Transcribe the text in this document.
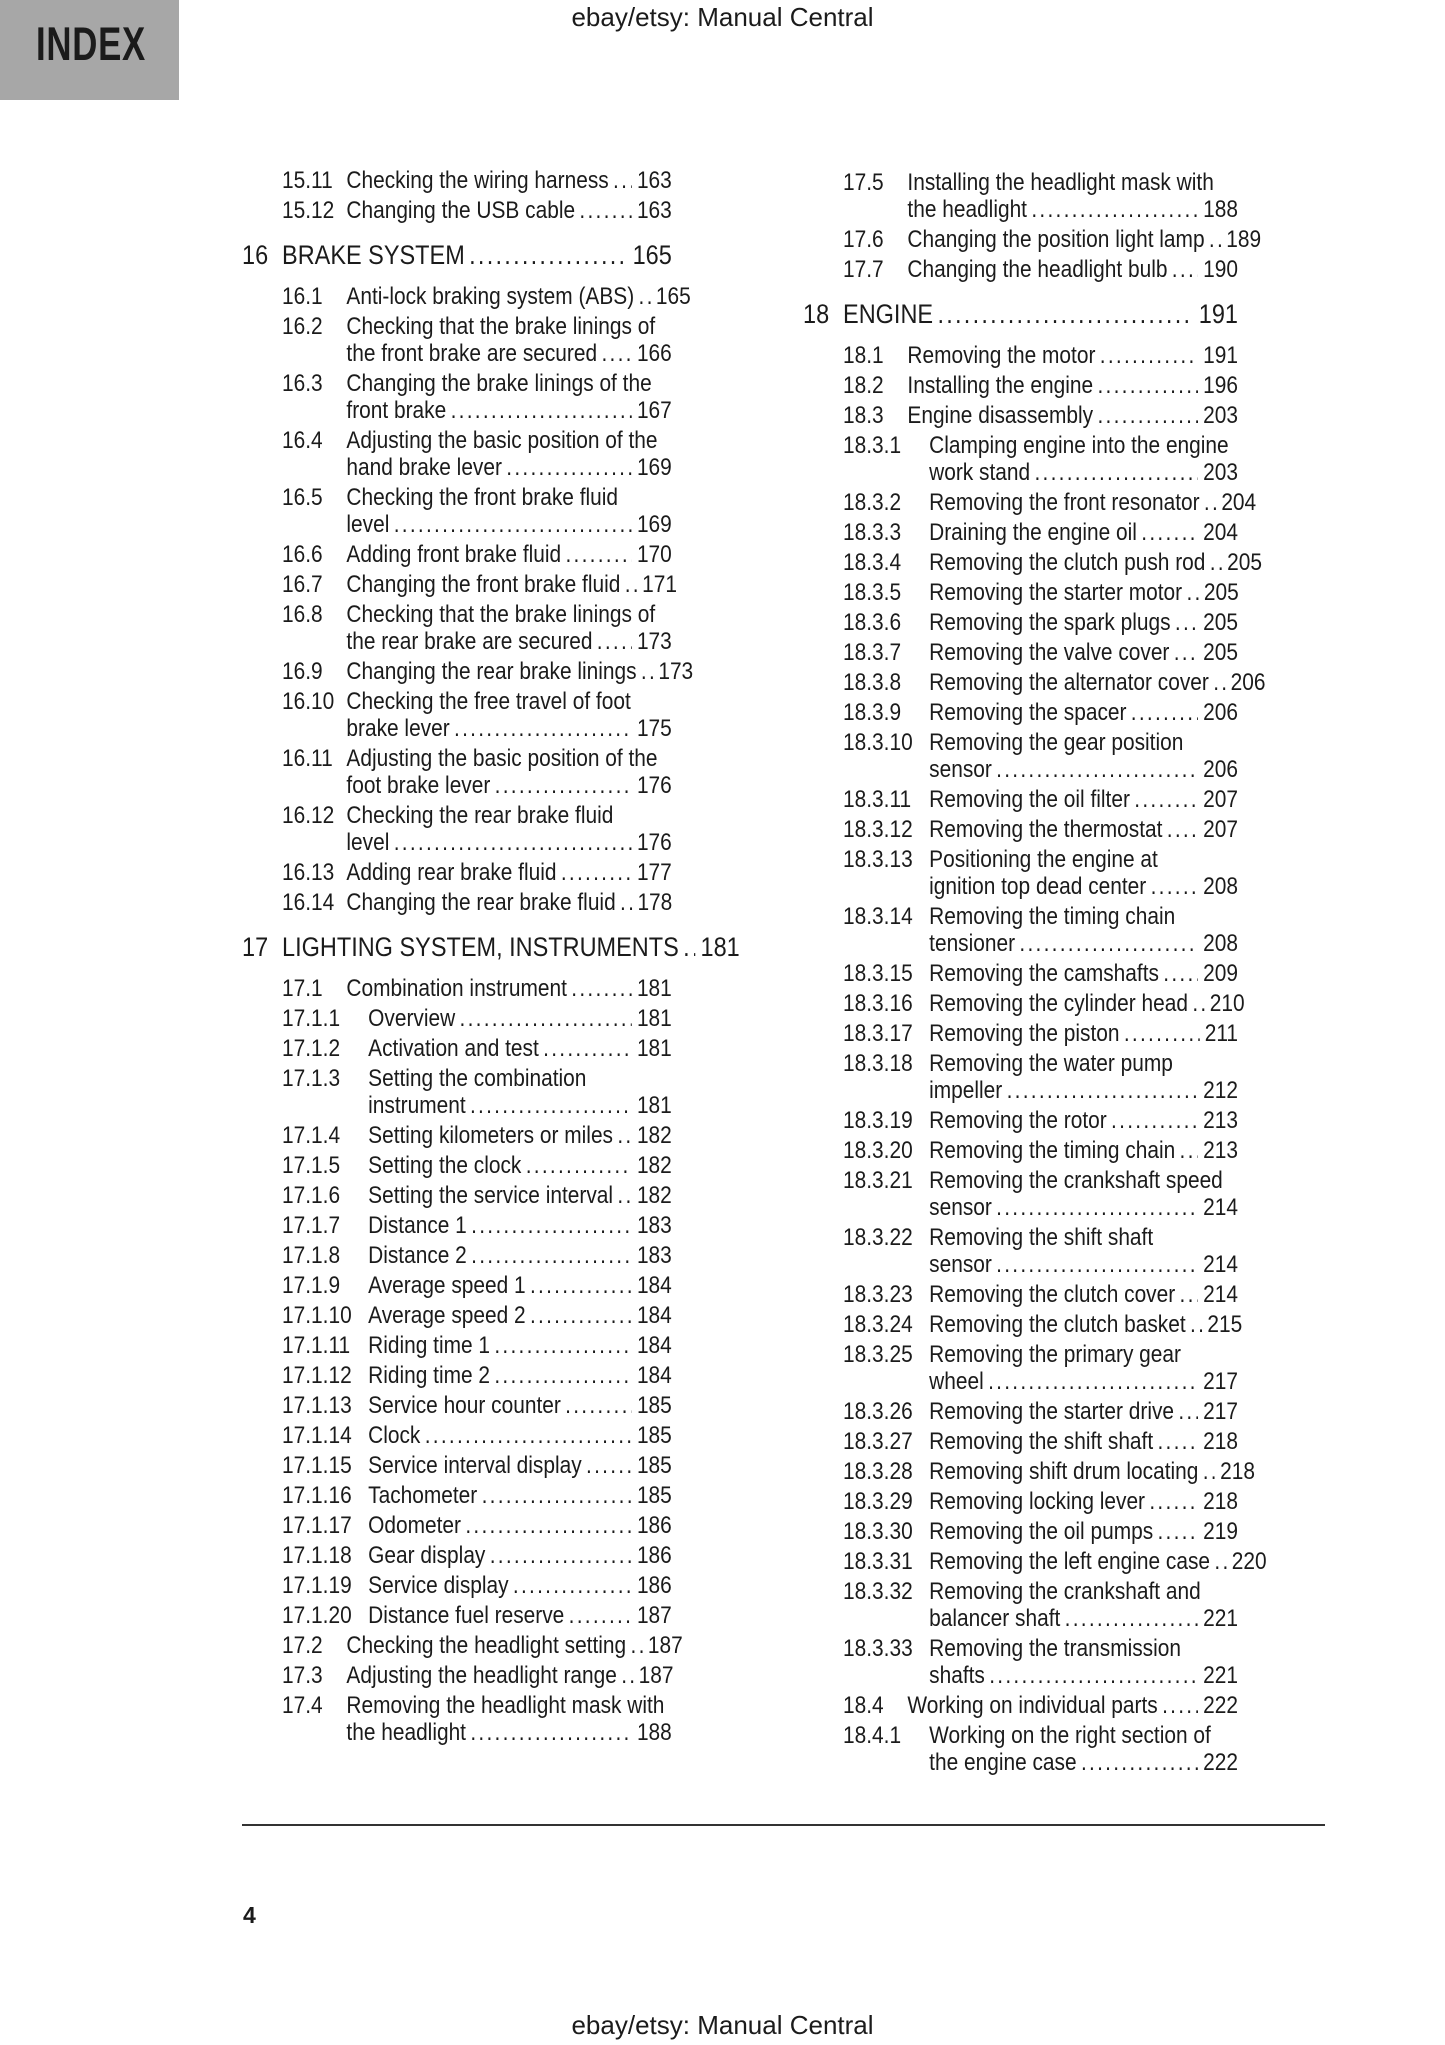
INDEX	ebay/etsy: Manual Central
15.11 Checking the wiring harness ..... 163
15.12 Changing the USB cable .....	163
16 BRAKE SYSTEM .....	165
16.1 Anti-lock braking system (ABS) ..... 165
16.2 Checking that the brake linings of
the front brake are secured ..... 166
16.3 Changing the brake linings of the
front brake .....	167
16.4 Adjusting the basic position of the
hand brake lever .....	169
16.5 Checking the front brake fluid
level .....	169
16.6 Adding front brake fluid .....	170
16.7 Changing the front brake fluid ..... 171
16.8 Checking that the brake linings of
the rear brake are secured ..... 173
16.9 Changing the rear brake linings ..... 173
16.10 Checking the free travel of foot
brake lever .....	175
16.11 Adjusting the basic position of the
foot brake lever .....	176
16.12 Checking the rear brake fluid
level .....	176
16.13 Adding rear brake fluid .....	177
16.14 Changing the rear brake fluid ..... 178
17 LIGHTING SYSTEM, INSTRUMENTS ..... 181
17.1 Combination instrument .....	181
17.1.1	Overview .....	181
17.1.2	Activation and test .....	181
17.1.3	Setting the combination
instrument .....	181
17.1.4	Setting kilometers or miles ..... 182
17.1.5	Setting the clock .....	182
17.1.6	Setting the service interval ..... 182
17.1.7	Distance 1 .....	183
17.1.8	Distance 2 .....	183
17.1.9	Average speed 1 .....	184
17.1.10 Average speed 2 .....	184
17.1.11 Riding time 1 .....	184
17.1.12 Riding time 2 .....	184
17.1.13 Service hour counter .....	185
17.1.14 Clock .....	185
17.1.15 Service interval display ..... 185
17.1.16 Tachometer .....	185
17.1.17 Odometer .....	186
17.1.18 Gear display .....	186
17.1.19 Service display .....	186
17.1.20 Distance fuel reserve .....	187
17.2 Checking the headlight setting ..... 187
17.3 Adjusting the headlight range ..... 187
17.4 Removing the headlight mask with
the headlight .....	188
17.5 Installing the headlight mask with
the headlight .....	188
17.6 Changing the position light lamp ..... 189
17.7 Changing the headlight bulb ..... 190
18 ENGINE .....	191
18.1 Removing the motor .....	191
18.2 Installing the engine .....	196
18.3 Engine disassembly .....	203
18.3.1	Clamping engine into the engine
work stand .....	203
18.3.2	Removing the front resonator ..... 204
18.3.3	Draining the engine oil .....	204
18.3.4	Removing the clutch push rod ..... 205
18.3.5	Removing the starter motor ..... 205
18.3.6	Removing the spark plugs ..... 205
18.3.7	Removing the valve cover ..... 205
18.3.8	Removing the alternator cover ..... 206
18.3.9	Removing the spacer .....	206
18.3.10 Removing the gear position
sensor .....	206
18.3.11 Removing the oil filter .....	207
18.3.12 Removing the thermostat ..... 207
18.3.13 Positioning the engine at
ignition top dead center ..... 208
18.3.14 Removing the timing chain
tensioner .....	208
18.3.15 Removing the camshafts ..... 209
18.3.16 Removing the cylinder head ..... 210
18.3.17 Removing the piston .....	211
18.3.18 Removing the water pump
impeller .....	212
18.3.19 Removing the rotor .....	213
18.3.20 Removing the timing chain ..... 213
18.3.21 Removing the crankshaft speed
sensor .....	214
18.3.22 Removing the shift shaft
sensor .....	214
18.3.23 Removing the clutch cover ..... 214
18.3.24 Removing the clutch basket ..... 215
18.3.25 Removing the primary gear
wheel .....	217
18.3.26 Removing the starter drive ..... 217
18.3.27 Removing the shift shaft ..... 218
18.3.28 Removing shift drum locating ..... 218
18.3.29 Removing locking lever ..... 218
18.3.30 Removing the oil pumps ..... 219
18.3.31 Removing the left engine case ..... 220
18.3.32 Removing the crankshaft and
balancer shaft .....	221
18.3.33 Removing the transmission
shafts .....	221
18.4 Working on individual parts ..... 222
18.4.1	Working on the right section of
the engine case .....	222
4
ebay/etsy: Manual Central
